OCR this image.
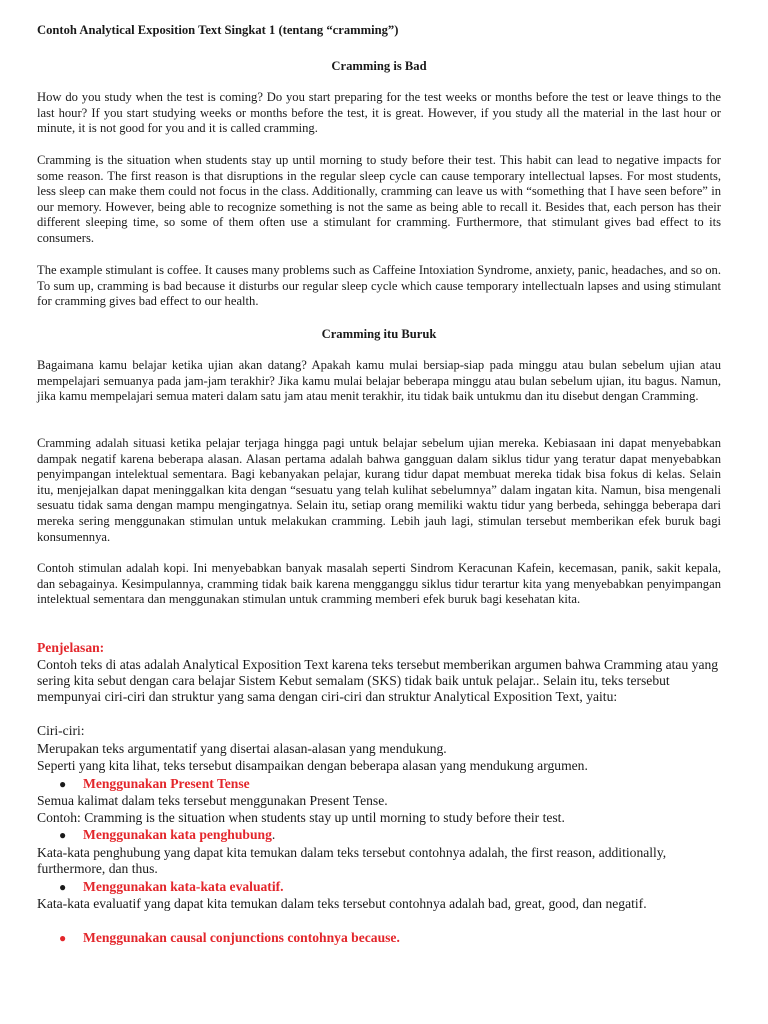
Contoh Analytical Exposition Text Singkat 1 (tentang “cramming”)

Cramming is Bad

How do you study when the test is coming? Do you start preparing for the test weeks or months before the test or leave things to the last hour? If you start studying weeks or months before the test, it is great. However, if you study all the material in the last hour or minute, it is not good for you and it is called cramming.

Cramming is the situation when students stay up until morning to study before their test. This habit can lead to negative impacts for some reason. The first reason is that disruptions in the regular sleep cycle can cause temporary intellectual lapses. For most students, less sleep can make them could not focus in the class. Additionally, cramming can leave us with “something that I have seen before” in our memory. However, being able to recognize something is not the same as being able to recall it. Besides that, each person has their different sleeping time, so some of them often use a stimulant for cramming. Furthermore, that stimulant gives bad effect to its consumers.

The example stimulant is coffee. It causes many problems such as Caffeine Intoxiation Syndrome, anxiety, panic, headaches, and so on. To sum up, cramming is bad because it disturbs our regular sleep cycle which cause temporary intellectualn lapses and using stimulant for cramming gives bad effect to our health.

Cramming itu Buruk

Bagaimana kamu belajar ketika ujian akan datang? Apakah kamu mulai bersiap-siap pada minggu atau bulan sebelum ujian atau mempelajari semuanya pada jam-jam terakhir? Jika kamu mulai belajar beberapa minggu atau bulan sebelum ujian, itu bagus. Namun, jika kamu mempelajari semua materi dalam satu jam atau menit terakhir, itu tidak baik untukmu dan itu disebut dengan Cramming.

Cramming adalah situasi ketika pelajar terjaga hingga pagi untuk belajar sebelum ujian mereka. Kebiasaan ini dapat menyebabkan dampak negatif karena beberapa alasan. Alasan pertama adalah bahwa gangguan dalam siklus tidur yang teratur dapat menyebabkan penyimpangan intelektual sementara. Bagi kebanyakan pelajar, kurang tidur dapat membuat mereka tidak bisa fokus di kelas. Selain itu, menjejalkan dapat meninggalkan kita dengan “sesuatu yang telah kulihat sebelumnya” dalam ingatan kita. Namun, bisa mengenali sesuatu tidak sama dengan mampu mengingatnya. Selain itu, setiap orang memiliki waktu tidur yang berbeda, sehingga beberapa dari mereka sering menggunakan stimulan untuk melakukan cramming. Lebih jauh lagi, stimulan tersebut memberikan efek buruk bagi konsumennya.

Contoh stimulan adalah kopi. Ini menyebabkan banyak masalah seperti Sindrom Keracunan Kafein, kecemasan, panik, sakit kepala, dan sebagainya. Kesimpulannya, cramming tidak baik karena mengganggu siklus tidur terartur kita yang menyebabkan penyimpangan intelektual sementara dan menggunakan stimulan untuk cramming memberi efek buruk bagi kesehatan kita.

Penjelasan:

Contoh teks di atas adalah Analytical Exposition Text karena teks tersebut memberikan argumen bahwa Cramming atau yang sering kita sebut dengan cara belajar Sistem Kebut semalam (SKS) tidak baik untuk pelajar.. Selain itu, teks tersebut mempunyai ciri-ciri dan struktur yang sama dengan ciri-ciri dan struktur Analytical Exposition Text, yaitu:

Ciri-ciri:

Merupakan teks argumentatif yang disertai alasan-alasan yang mendukung.

Seperti yang kita lihat, teks tersebut disampaikan dengan beberapa alasan yang mendukung argumen.

● Menggunakan Present Tense

Semua kalimat dalam teks tersebut menggunakan Present Tense.

Contoh: Cramming is the situation when students stay up until morning to study before their test.

● Menggunakan kata penghubung.

Kata-kata penghubung yang dapat kita temukan dalam teks tersebut contohnya adalah, the first reason, additionally, furthermore, dan thus.

● Menggunakan kata-kata evaluatif.

Kata-kata evaluatif yang dapat kita temukan dalam teks tersebut contohnya adalah bad, great, good, dan negatif.

● Menggunakan causal conjunctions contohnya because.
